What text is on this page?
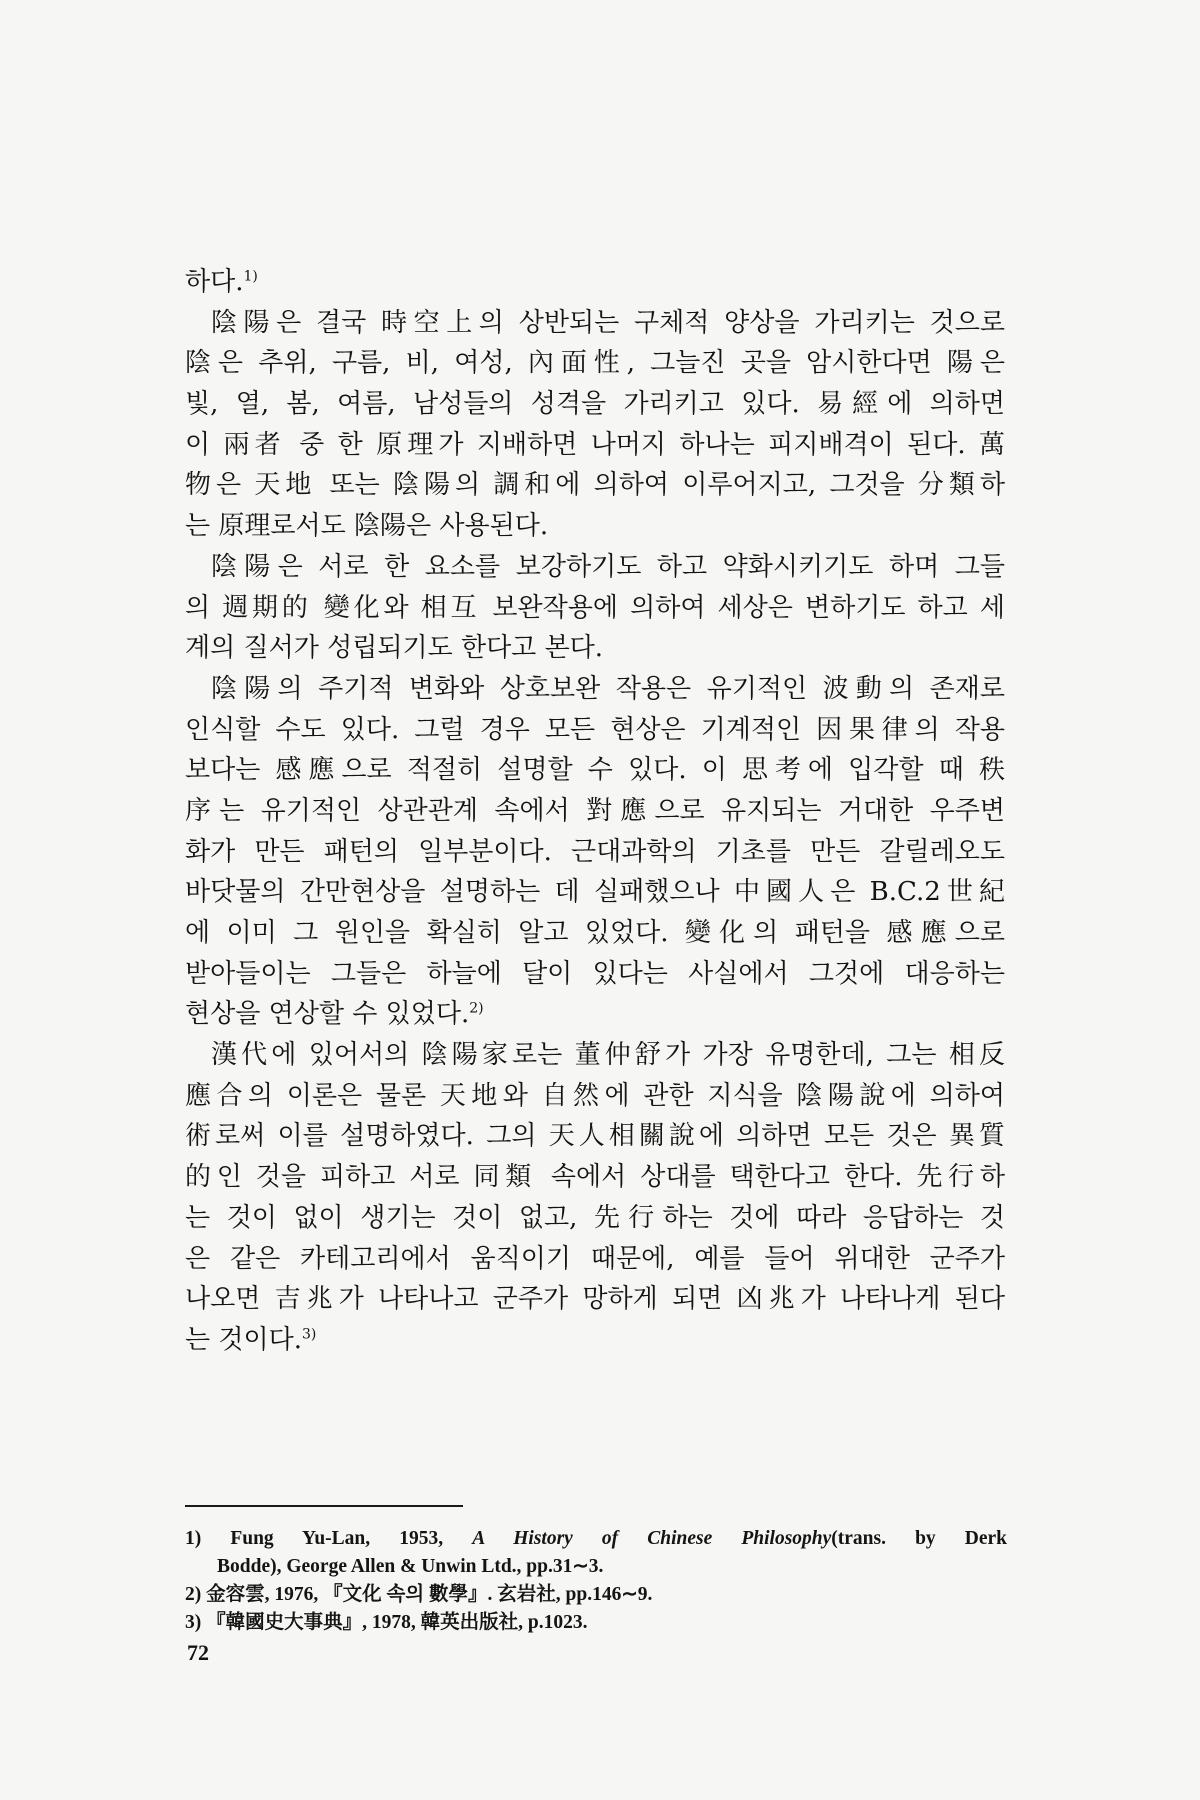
하다.$^{1)}$
陰陽은 결국 時空上의 상반되는 구체적 양상을 가리키는 것으로
陰은 추위, 구름, 비, 여성, 內面性, 그늘진 곳을 암시한다면 陽은
빛, 열, 봄, 여름, 남성들의 성격을 가리키고 있다. 易經에 의하면
이 兩者 중 한 原理가 지배하면 나머지 하나는 피지배격이 된다. 萬
物은 天地 또는 陰陽의 調和에 의하여 이루어지고, 그것을 分類하
는 原理로서도 陰陽은 사용된다.
陰陽은 서로 한 요소를 보강하기도 하고 약화시키기도 하며 그들
의 週期的 變化와 相互 보완작용에 의하여 세상은 변하기도 하고 세
계의 질서가 성립되기도 한다고 본다.
陰陽의 주기적 변화와 상호보완 작용은 유기적인 波動의 존재로
인식할 수도 있다. 그럴 경우 모든 현상은 기계적인 因果律의 작용
보다는 感應으로 적절히 설명할 수 있다. 이 思考에 입각할 때 秩
序는 유기적인 상관관계 속에서 對應으로 유지되는 거대한 우주변
화가 만든 패턴의 일부분이다. 근대과학의 기초를 만든 갈릴레오도
바닷물의 간만현상을 설명하는 데 실패했으나 中國人은 B.C.2世紀
에 이미 그 원인을 확실히 알고 있었다. 變化의 패턴을 感應으로
받아들이는 그들은 하늘에 달이 있다는 사실에서 그것에 대응하는
현상을 연상할 수 있었다.$^{2)}$
漢代에 있어서의 陰陽家로는 董仲舒가 가장 유명한데, 그는 相反
應合의 이론은 물론 天地와 自然에 관한 지식을 陰陽說에 의하여
術로써 이를 설명하였다. 그의 天人相關說에 의하면 모든 것은 異質
的인 것을 피하고 서로 同類 속에서 상대를 택한다고 한다. 先行하
는 것이 없이 생기는 것이 없고, 先行하는 것에 따라 응답하는 것
은 같은 카테고리에서 움직이기 때문에, 예를 들어 위대한 군주가
나오면 吉兆가 나타나고 군주가 망하게 되면 凶兆가 나타나게 된다
는 것이다.$^{3)}$
1) Fung Yu-Lan, 1953, A History of Chinese Philosophy(trans. by Derk
Bodde), George Allen & Unwin Ltd., pp.31∼3.
2) 金容雲, 1976, 『文化 속의 數學』. 玄岩社, pp.146∼9.
3) 『韓國史大事典』, 1978, 韓英出版社, p.1023.
72
